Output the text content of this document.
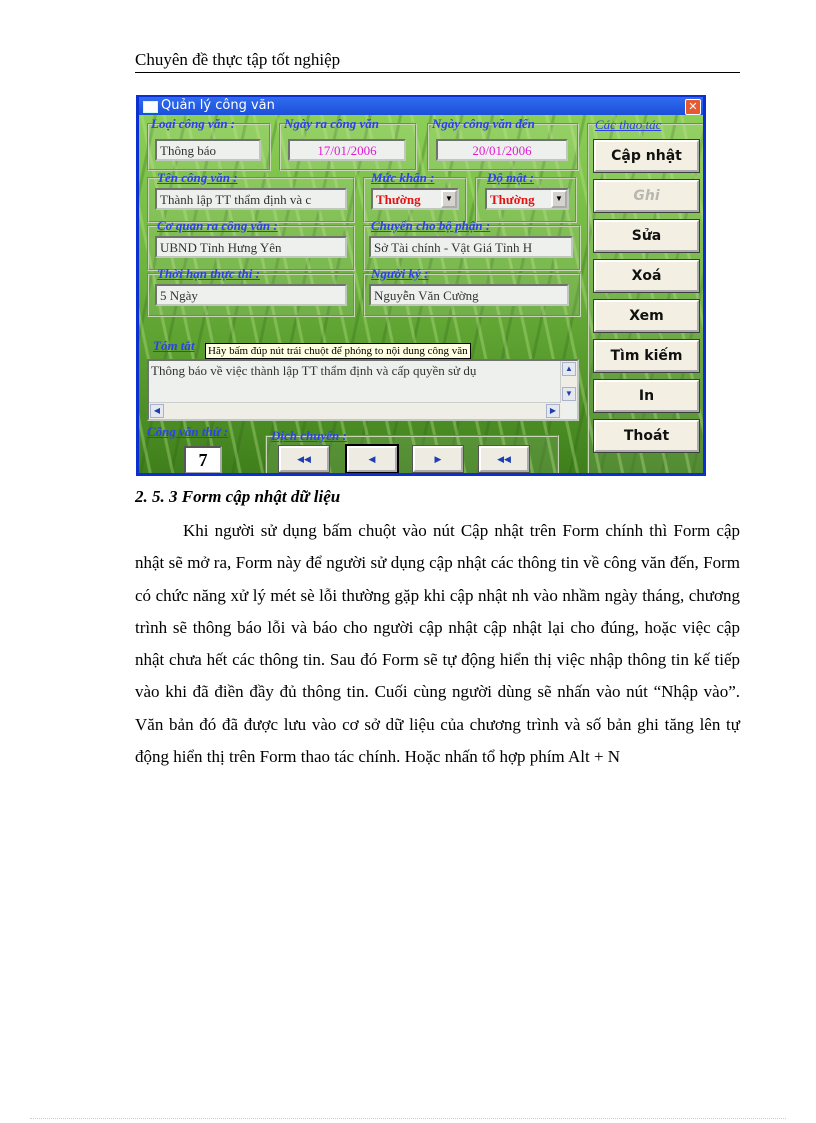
Chuyên đề thực tập tốt nghiệp
Quản lý công văn	✕
Loại công văn :
Thông báo
Ngày ra công văn
17/01/2006
Ngày công văn đến
20/01/2006
Tên công văn :
Thành lập TT thẩm định và c
Mức khẩn :
Thường	▼
Độ mật :
Thường	▼
Cơ quan ra công văn :
UBND Tỉnh Hưng Yên
Chuyển cho bộ phận :
Sở Tài chính - Vật Giá Tỉnh H
Thời hạn thực thi :
5 Ngày
Người ký :
Nguyễn Văn Cường
Tóm tắt
Thông báo về việc thành lập TT thẩm định và cấp quyền sử dụ	▲
▼
◀	▶
Hãy bấm đúp nút trái chuột để phóng to nội dung công văn
Công văn thứ :
7
Dịch chuyển :
◀◀	◀	▶	◀◀
Các thao tác
Cập nhật
Ghi
Sửa
Xoá
Xem
Tìm kiếm
In
Thoát
2. 5. 3 Form cập nhật dữ liệu

Khi người sử dụng bấm chuột vào nút Cập nhật trên Form chính thì Form cập nhật sẽ mở ra, Form này để người sử dụng cập nhật các thông tin về công văn đến, Form có chức năng xử lý mét sè lỗi thường gặp khi cập nhật nh vào nhầm ngày tháng, chương trình sẽ thông báo lỗi và báo cho người cập nhật cập nhật lại cho đúng, hoặc việc cập nhật chưa hết các thông tin. Sau đó Form sẽ tự động hiển thị việc nhập thông tin kế tiếp vào khi đã điền đầy đủ thông tin. Cuối cùng người dùng sẽ nhấn vào nút “Nhập vào”. Văn bản đó đã được lưu vào cơ sở dữ liệu của chương trình và số bản ghi tăng lên tự động hiển thị trên Form thao tác chính. Hoặc nhấn tổ hợp phím Alt + N
